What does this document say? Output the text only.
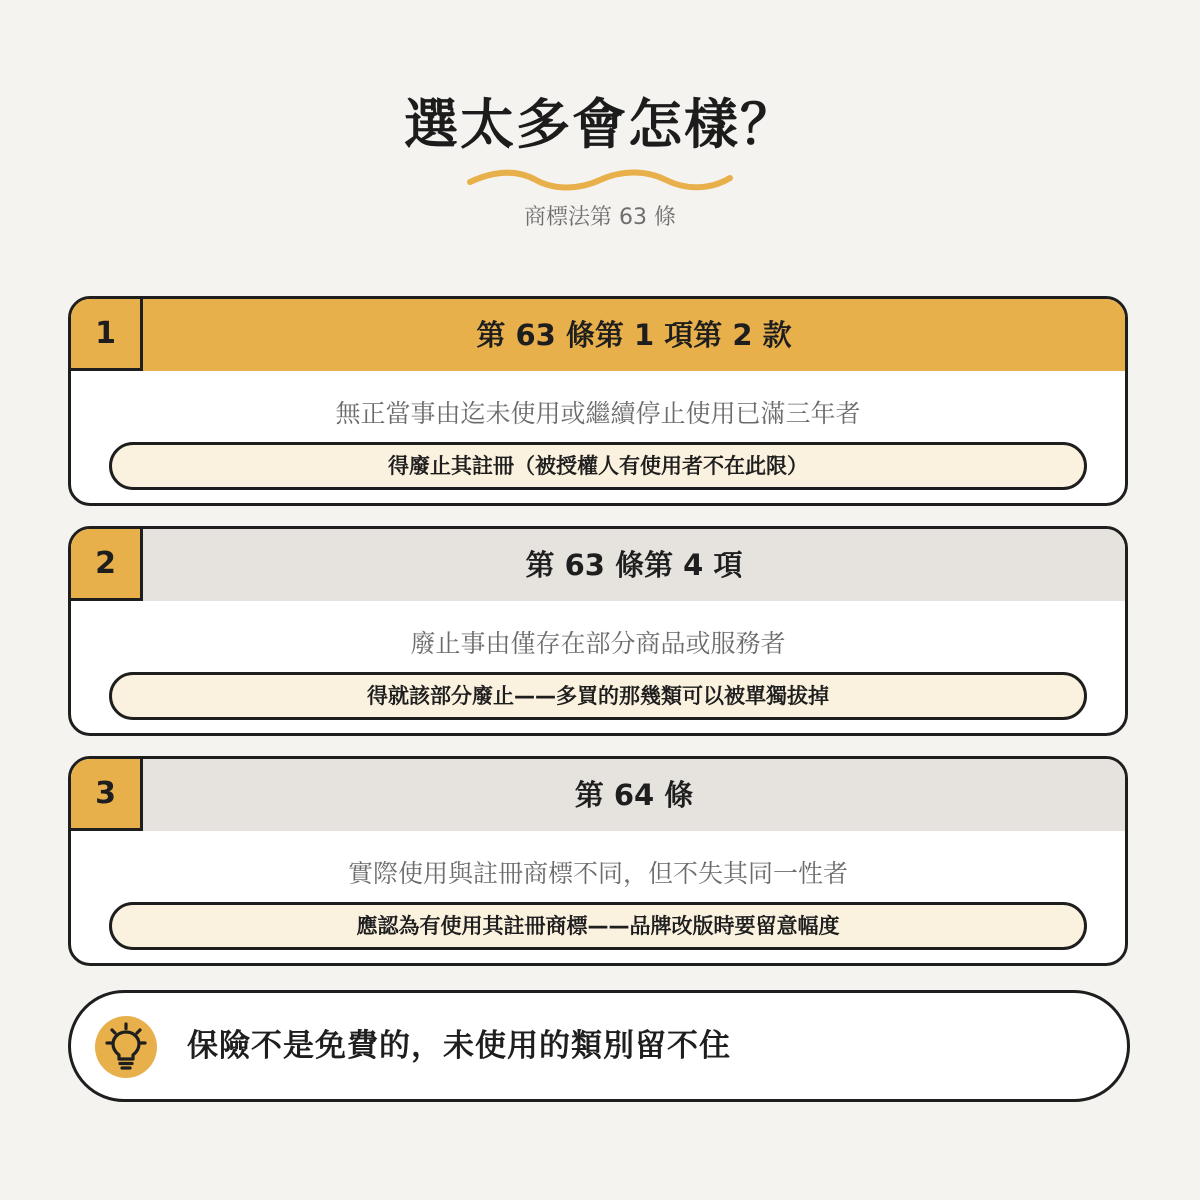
選太多會怎樣？
商標法第 63 條
1	第 63 條第 1 項第 2 款
無正當事由迄未使用或繼續停止使用已滿三年者
得廢止其註冊（被授權人有使用者不在此限）
2	第 63 條第 4 項
廢止事由僅存在部分商品或服務者
得就該部分廢止——多買的那幾類可以被單獨拔掉
3	第 64 條
實際使用與註冊商標不同，但不失其同一性者
應認為有使用其註冊商標——品牌改版時要留意幅度
保險不是免費的，未使用的類別留不住
